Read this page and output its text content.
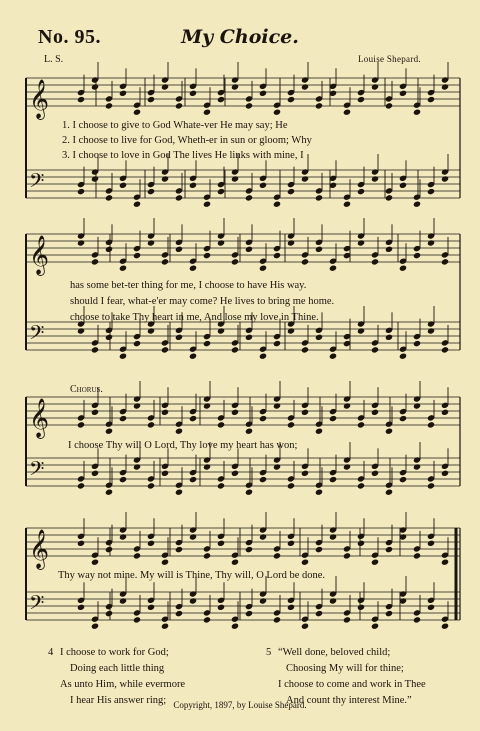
No. 95.	My Choice.
L. S.	Louise Shepard.
𝄞
𝄢
𝄞
𝄢
𝄞
𝄢
𝄞
𝄢
1. I choose to give to God Whate-ver He may say; He
2. I choose to live for God, Wheth-er in sun or gloom; Why
3. I choose to love in God The lives He links with mine, I
has some bet-ter thing for me, I choose to have His way.
should I fear, what-e'er may come? He lives to bring me home.
choose to take Thy heart in me, And lose my love in Thine.
Chorus.
I choose Thy will O Lord, Thy love my heart has won;
Thy way not mine. My will is Thine, Thy will, O Lord be done.
4 I choose to work for God;
Doing each little thing
As unto Him, while evermore
I hear His answer ring;
5 “Well done, beloved child;
Choosing My will for thine;
I choose to come and work in Thee
And count thy interest Mine.”
Copyright, 1897, by Louise Shepard.
